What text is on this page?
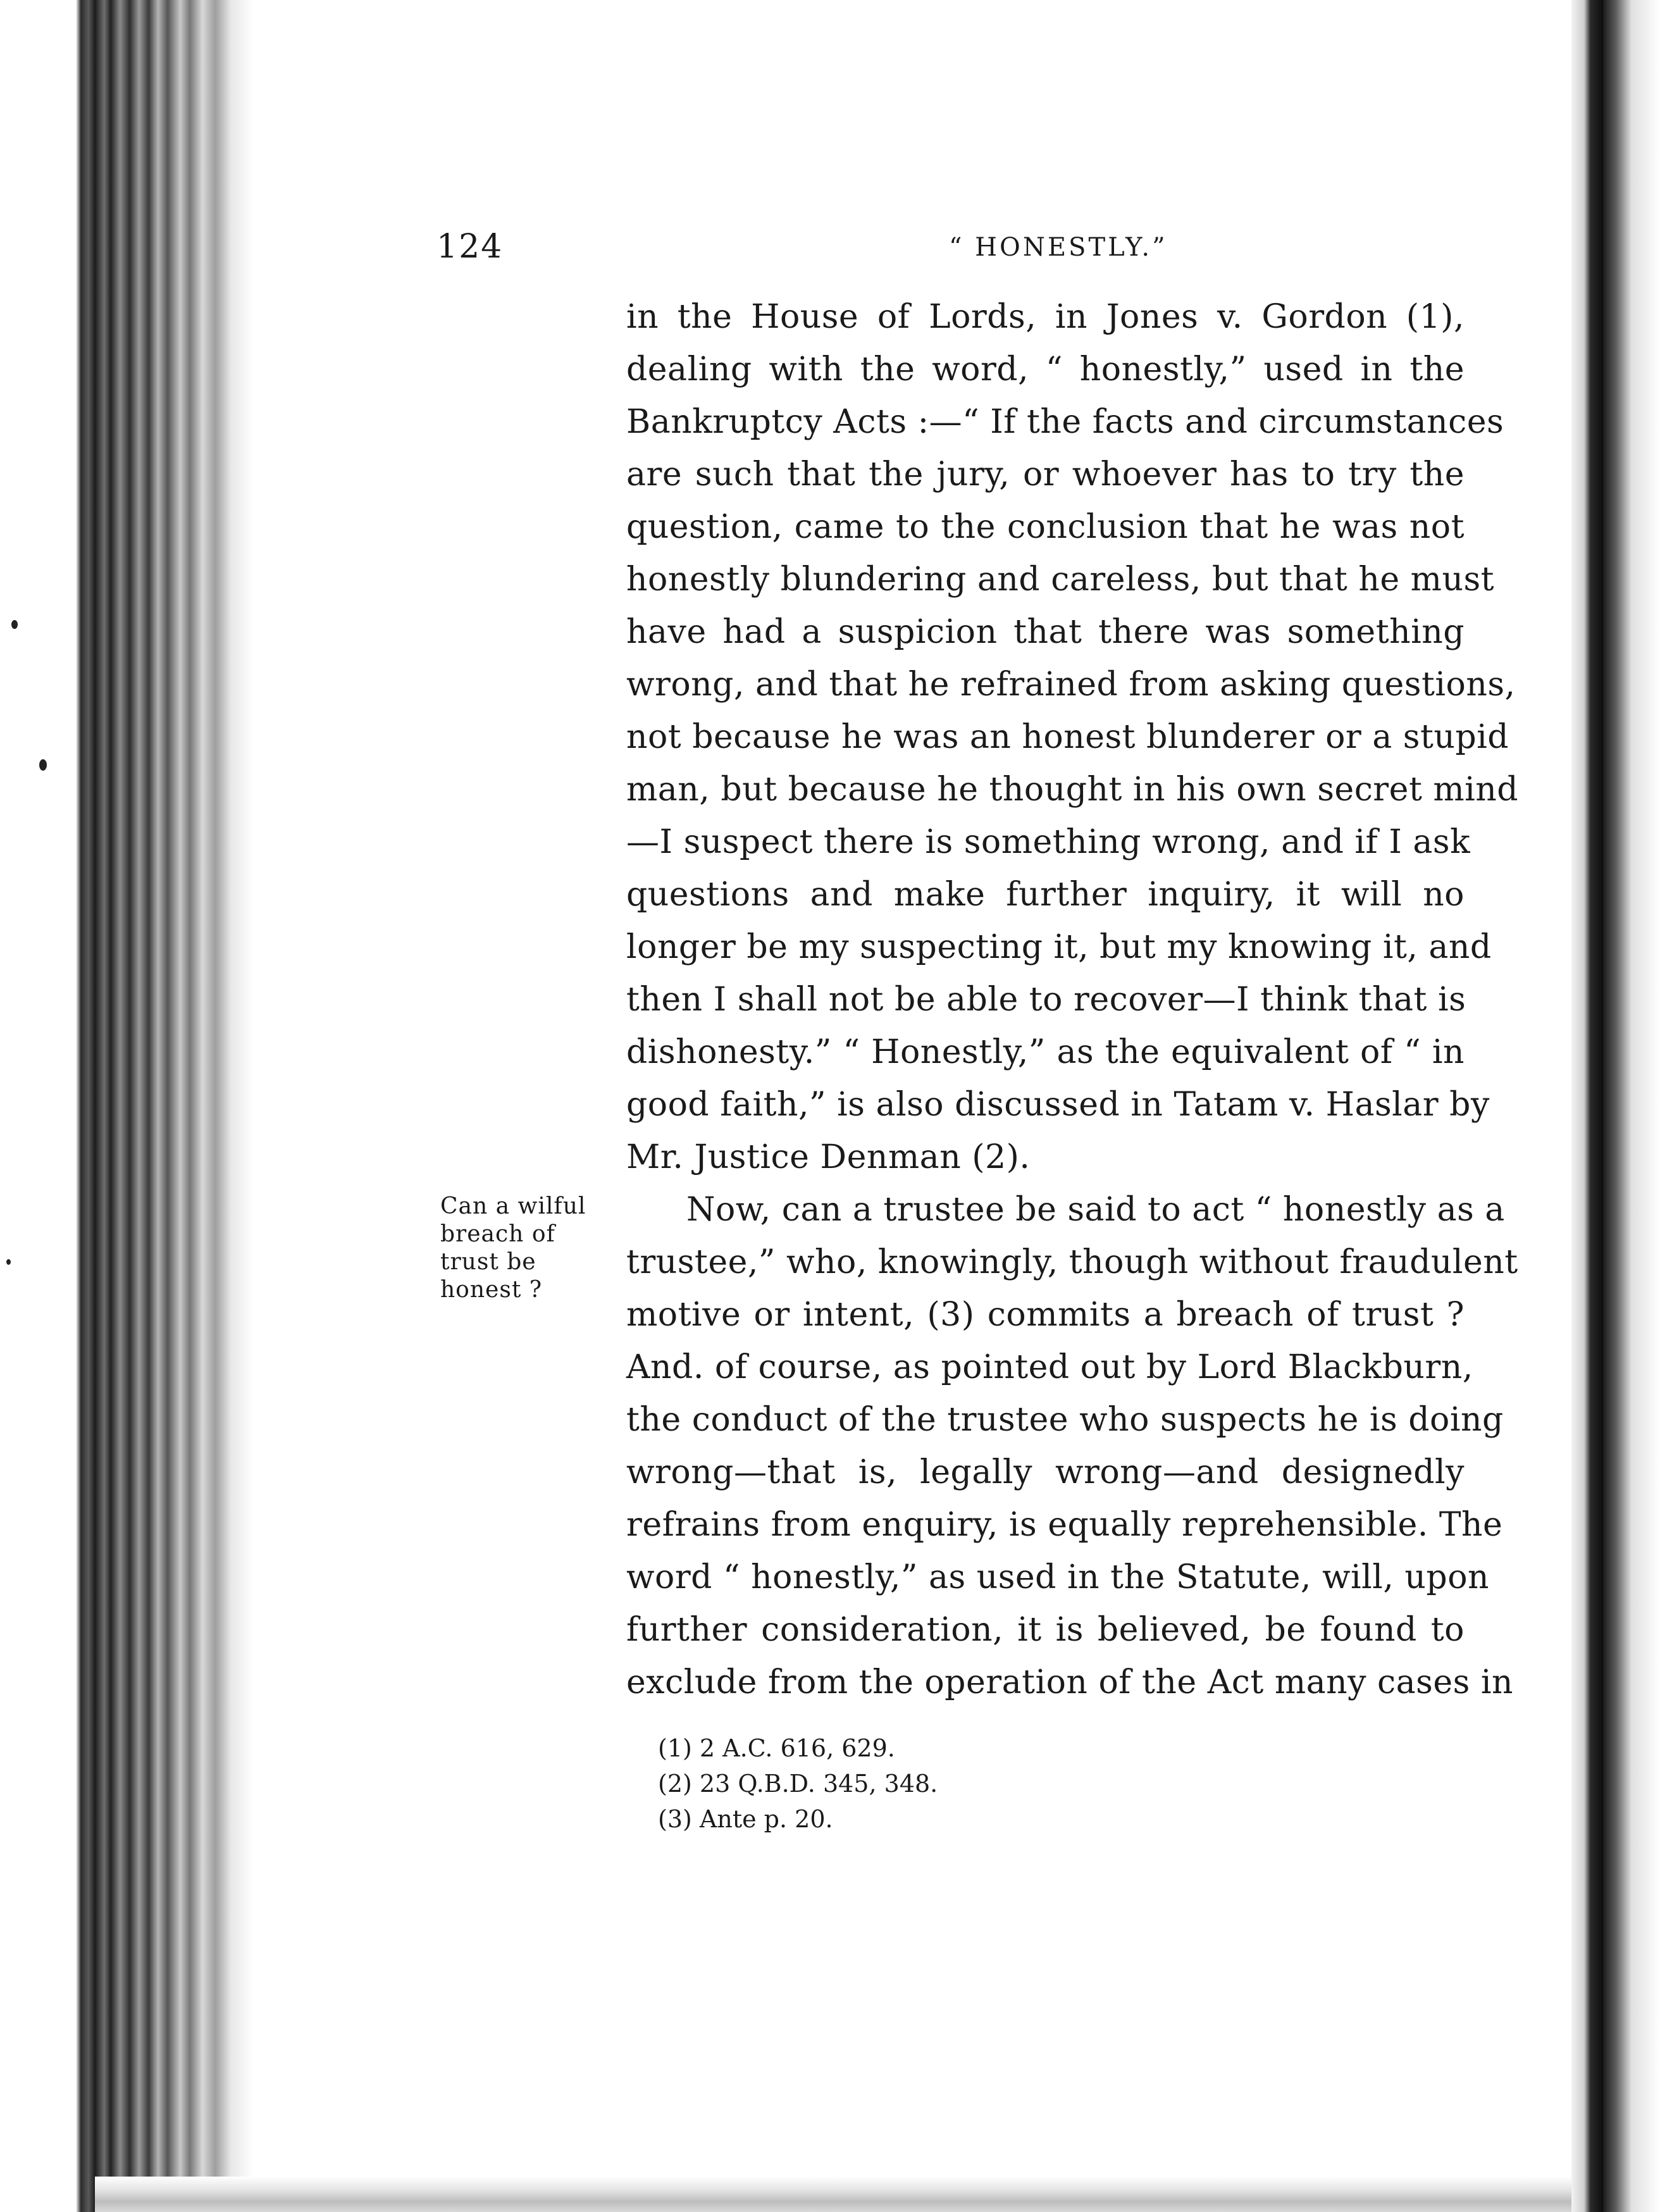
124	“ HONESTLY.”
in the House of Lords, in Jones v. Gordon (1),
dealing with the word, “ honestly,” used in the
Bankruptcy Acts :—“ If the facts and circumstances
are such that the jury, or whoever has to try the
question, came to the conclusion that he was not
honestly blundering and careless, but that he must
have had a suspicion that there was something
wrong, and that he refrained from asking questions,
not because he was an honest blunderer or a stupid
man, but because he thought in his own secret mind
—I suspect there is something wrong, and if I ask
questions and make further inquiry, it will no
longer be my suspecting it, but my knowing it, and
then I shall not be able to recover—I think that is
dishonesty.” “ Honestly,” as the equivalent of “ in
good faith,” is also discussed in Tatam v. Haslar by
Mr. Justice Denman (2).
Now, can a trustee be said to act “ honestly as a
trustee,” who, knowingly, though without fraudulent
motive or intent, (3) commits a breach of trust ?
And. of course, as pointed out by Lord Blackburn,
the conduct of the trustee who suspects he is doing
wrong—that is, legally wrong—and designedly
refrains from enquiry, is equally reprehensible. The
word “ honestly,” as used in the Statute, will, upon
further consideration, it is believed, be found to
exclude from the operation of the Act many cases in
Can a wilful
breach of
trust be
honest ?
(1) 2 A.C. 616, 629.
(2) 23 Q.B.D. 345, 348.
(3) Ante p. 20.
